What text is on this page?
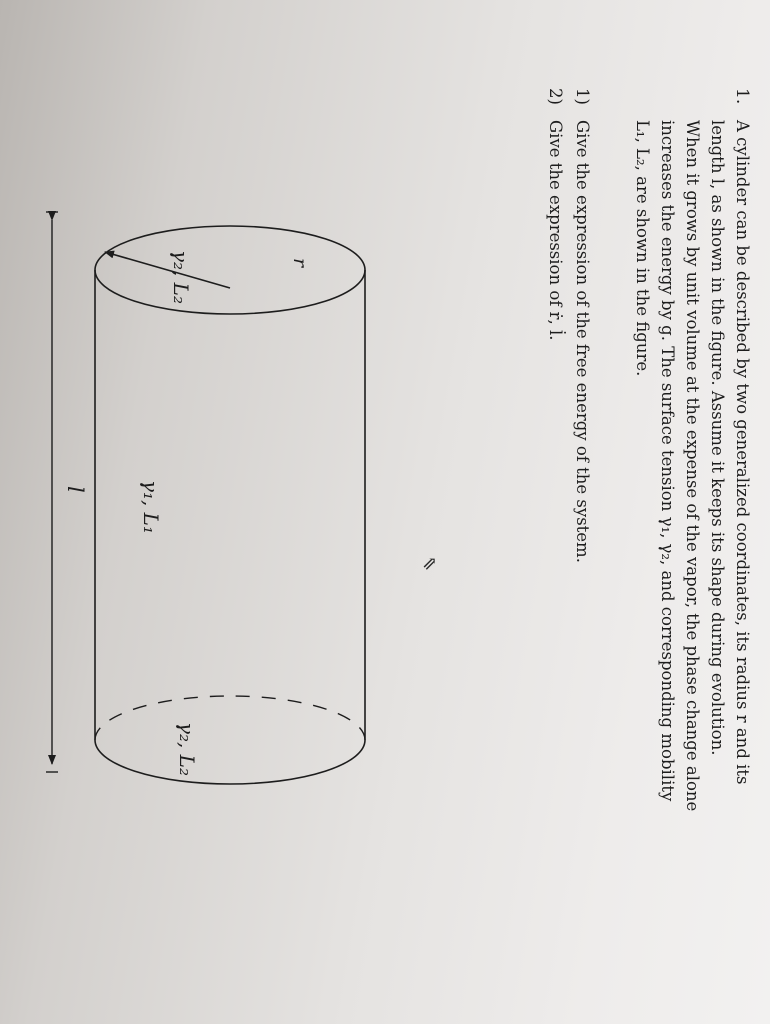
1.
A cylinder can be described by two generalized coordinates, its radius r and its
length l, as shown in the figure. Assume it keeps its shape during evolution.
When it grows by unit volume at the expense of the vapor, the phase change alone
increases the energy by g. The surface tension γ₁, γ₂, and corresponding mobility
L₁, L₂, are shown in the figure.
1)
Give the expression of the free energy of the system.
2)
Give the expression of ṙ, l̇.
r
l
γ₂, L₂
γ₁, L₁
γ₂, L₂
⇖
